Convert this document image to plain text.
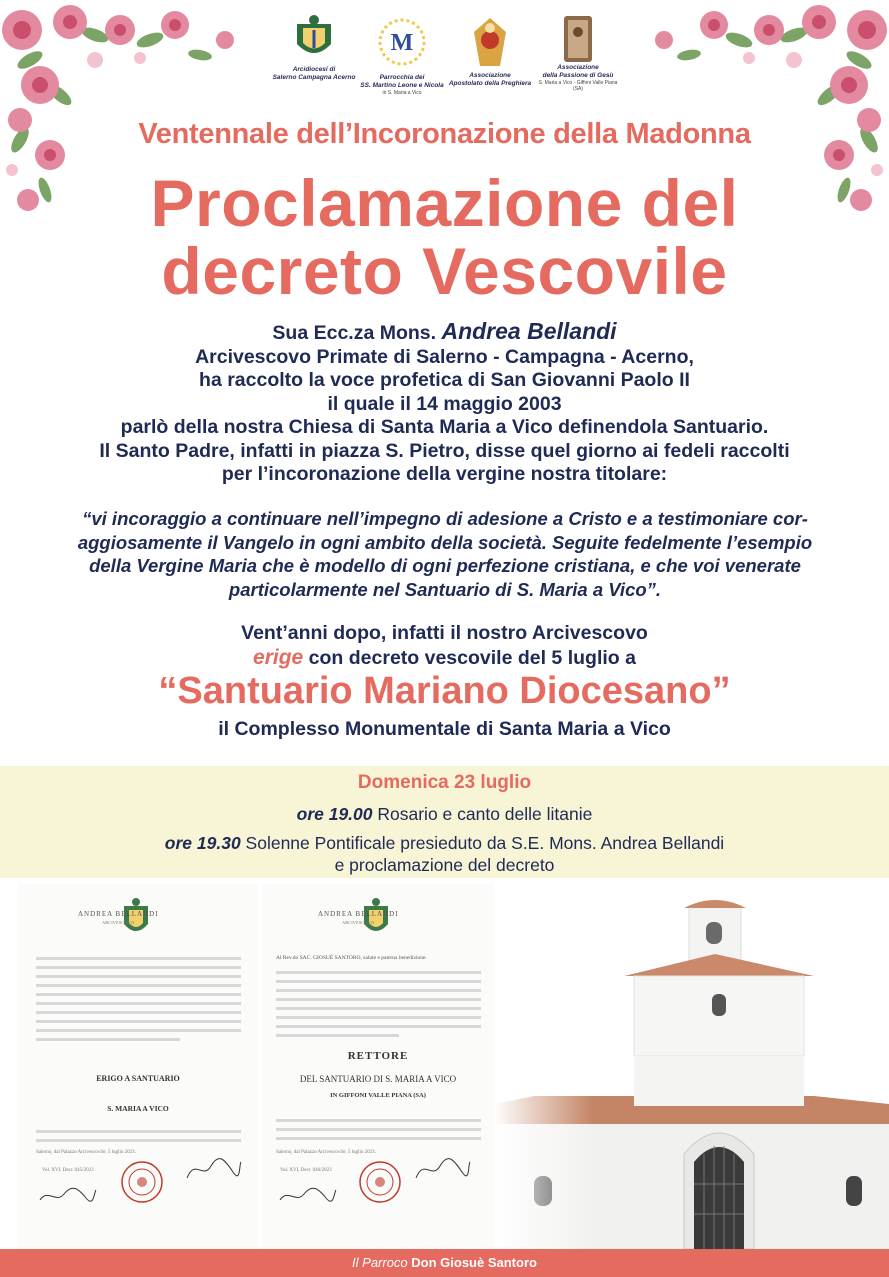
Arcidiocesi di
Salerno Campagna Acerno
M
Parrocchia dei
SS. Martino Leone e Nicola
in S. Maria a Vico
Associazione
Apostolato della Preghiera
Associazione
della Passione di Gesù
S. Maria a Vico - Giffoni Valle Piana (SA)
Ventennale dell’Incoronazione della Madonna
Proclamazione del
decreto Vescovile
Sua Ecc.za Mons. Andrea Bellandi
Arcivescovo Primate di Salerno - Campagna - Acerno,
ha raccolto la voce profetica di San Giovanni Paolo II
il quale il 14 maggio 2003
parlò della nostra Chiesa di Santa Maria a Vico definendola Santuario.
Il Santo Padre, infatti in piazza S. Pietro, disse quel giorno ai fedeli raccolti
per l’incoronazione della vergine nostra titolare:
“vi incoraggio a continuare nell’impegno di adesione a Cristo e a testimoniare cor-
aggiosamente il Vangelo in ogni ambito della società. Seguite fedelmente l’esempio
della Vergine Maria che è modello di ogni perfezione cristiana, e che voi venerate
particolarmente nel Santuario di S. Maria a Vico”.
Vent’anni dopo, infatti il nostro Arcivescovo
erige con decreto vescovile del 5 luglio a
“Santuario Mariano Diocesano”
il Complesso Monumentale di Santa Maria a Vico
Domenica 23 luglio
ore 19.00 Rosario e canto delle litanie
ore 19.30 Solenne Pontificale presieduto da S.E. Mons. Andrea Bellandi
e proclamazione del decreto
ANDREA BELLANDI
ARCIVESCOVO
ERIGO A SANTUARIO
S. MARIA A VICO
Salerno, dal Palazzo Arcivescovile, 5 luglio 2023.
Vol. XVI, Decr. 045/2023
ANDREA BELLANDI
ARCIVESCOVO
Al Rev.do SAC. GIOSUÈ SANTORO, salute e paterna benedizione.
RETTORE
DEL SANTUARIO DI S. MARIA A VICO
IN GIFFONI VALLE PIANA (SA)
Salerno, dal Palazzo Arcivescovile, 5 luglio 2023.
Vol. XVI, Decr. 046/2023
Il Parroco Don Giosuè Santoro
